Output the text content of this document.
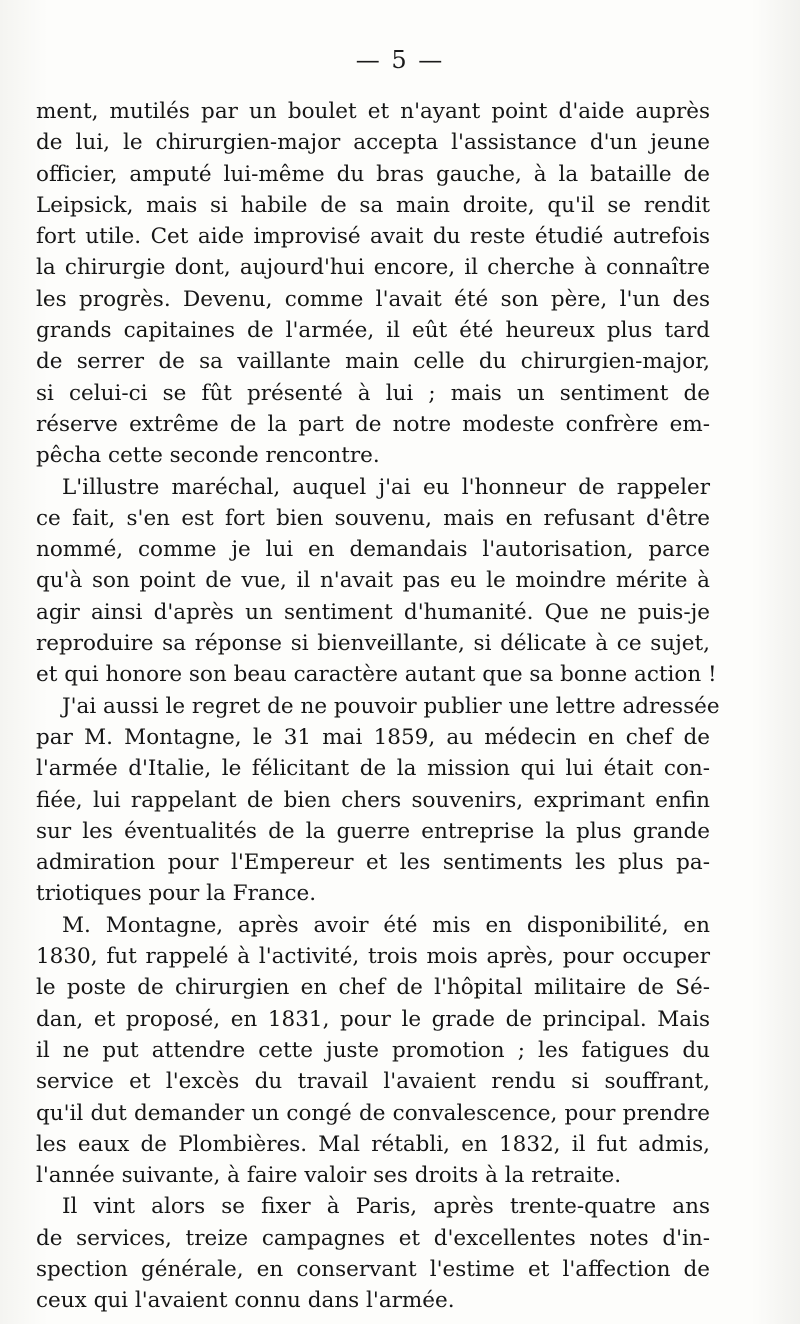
— 5 —
ment, mutilés par un boulet et n'ayant point d'aide auprès
de lui, le chirurgien-major accepta l'assistance d'un jeune
officier, amputé lui-même du bras gauche, à la bataille de
Leipsick, mais si habile de sa main droite, qu'il se rendit
fort utile. Cet aide improvisé avait du reste étudié autrefois
la chirurgie dont, aujourd'hui encore, il cherche à connaître
les progrès. Devenu, comme l'avait été son père, l'un des
grands capitaines de l'armée, il eût été heureux plus tard
de serrer de sa vaillante main celle du chirurgien-major,
si celui-ci se fût présenté à lui ; mais un sentiment de
réserve extrême de la part de notre modeste confrère em-
pêcha cette seconde rencontre.
L'illustre maréchal, auquel j'ai eu l'honneur de rappeler
ce fait, s'en est fort bien souvenu, mais en refusant d'être
nommé, comme je lui en demandais l'autorisation, parce
qu'à son point de vue, il n'avait pas eu le moindre mérite à
agir ainsi d'après un sentiment d'humanité. Que ne puis-je
reproduire sa réponse si bienveillante, si délicate à ce sujet,
et qui honore son beau caractère autant que sa bonne action !
J'ai aussi le regret de ne pouvoir publier une lettre adressée
par M. Montagne, le 31 mai 1859, au médecin en chef de
l'armée d'Italie, le félicitant de la mission qui lui était con-
fiée, lui rappelant de bien chers souvenirs, exprimant enfin
sur les éventualités de la guerre entreprise la plus grande
admiration pour l'Empereur et les sentiments les plus pa-
triotiques pour la France.
M. Montagne, après avoir été mis en disponibilité, en
1830, fut rappelé à l'activité, trois mois après, pour occuper
le poste de chirurgien en chef de l'hôpital militaire de Sé-
dan, et proposé, en 1831, pour le grade de principal. Mais
il ne put attendre cette juste promotion ; les fatigues du
service et l'excès du travail l'avaient rendu si souffrant,
qu'il dut demander un congé de convalescence, pour prendre
les eaux de Plombières. Mal rétabli, en 1832, il fut admis,
l'année suivante, à faire valoir ses droits à la retraite.
Il vint alors se fixer à Paris, après trente-quatre ans
de services, treize campagnes et d'excellentes notes d'in-
spection générale, en conservant l'estime et l'affection de
ceux qui l'avaient connu dans l'armée.
